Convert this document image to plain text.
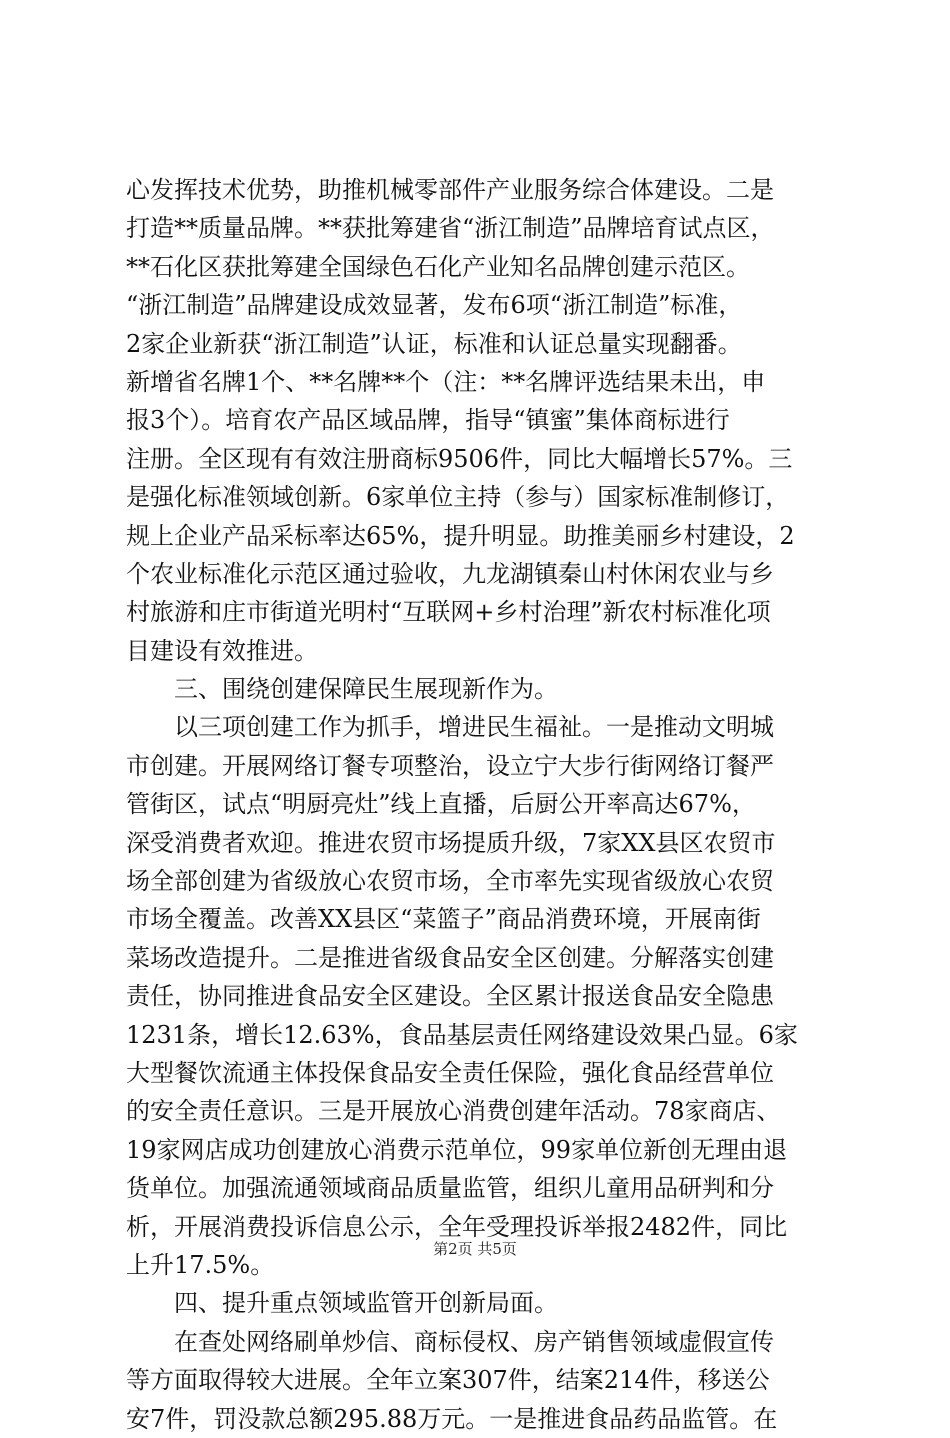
心发挥技术优势，助推机械零部件产业服务综合体建设。二是
打造**质量品牌。**获批筹建省“浙江制造”品牌培育试点区，
**石化区获批筹建全国绿色石化产业知名品牌创建示范区。
“浙江制造”品牌建设成效显著，发布6项“浙江制造”标准，
2家企业新获“浙江制造”认证，标准和认证总量实现翻番。
新增省名牌1个、**名牌**个（注：**名牌评选结果未出，申
报3个）。培育农产品区域品牌，指导“镇蜜”集体商标进行
注册。全区现有有效注册商标9506件，同比大幅增长57%。三
是强化标准领域创新。6家单位主持（参与）国家标准制修订，
规上企业产品采标率达65%，提升明显。助推美丽乡村建设，2
个农业标准化示范区通过验收，九龙湖镇秦山村休闲农业与乡
村旅游和庄市街道光明村“互联网+乡村治理”新农村标准化项
目建设有效推进。
三、围绕创建保障民生展现新作为。
以三项创建工作为抓手，增进民生福祉。一是推动文明城
市创建。开展网络订餐专项整治，设立宁大步行街网络订餐严
管街区，试点“明厨亮灶”线上直播，后厨公开率高达67%，
深受消费者欢迎。推进农贸市场提质升级，7家XX县区农贸市
场全部创建为省级放心农贸市场，全市率先实现省级放心农贸
市场全覆盖。改善XX县区“菜篮子”商品消费环境，开展南街
菜场改造提升。二是推进省级食品安全区创建。分解落实创建
责任，协同推进食品安全区建设。全区累计报送食品安全隐患
1231条，增长12.63%，食品基层责任网络建设效果凸显。6家
大型餐饮流通主体投保食品安全责任保险，强化食品经营单位
的安全责任意识。三是开展放心消费创建年活动。78家商店、
19家网店成功创建放心消费示范单位，99家单位新创无理由退
货单位。加强流通领域商品质量监管，组织儿童用品研判和分
析，开展消费投诉信息公示，全年受理投诉举报2482件，同比
上升17.5%。
四、提升重点领域监管开创新局面。
在查处网络刷单炒信、商标侵权、房产销售领域虚假宣传
等方面取得较大进展。全年立案307件，结案214件，移送公
安7件，罚没款总额295.88万元。一是推进食品药品监管。在
第2页 共5页
